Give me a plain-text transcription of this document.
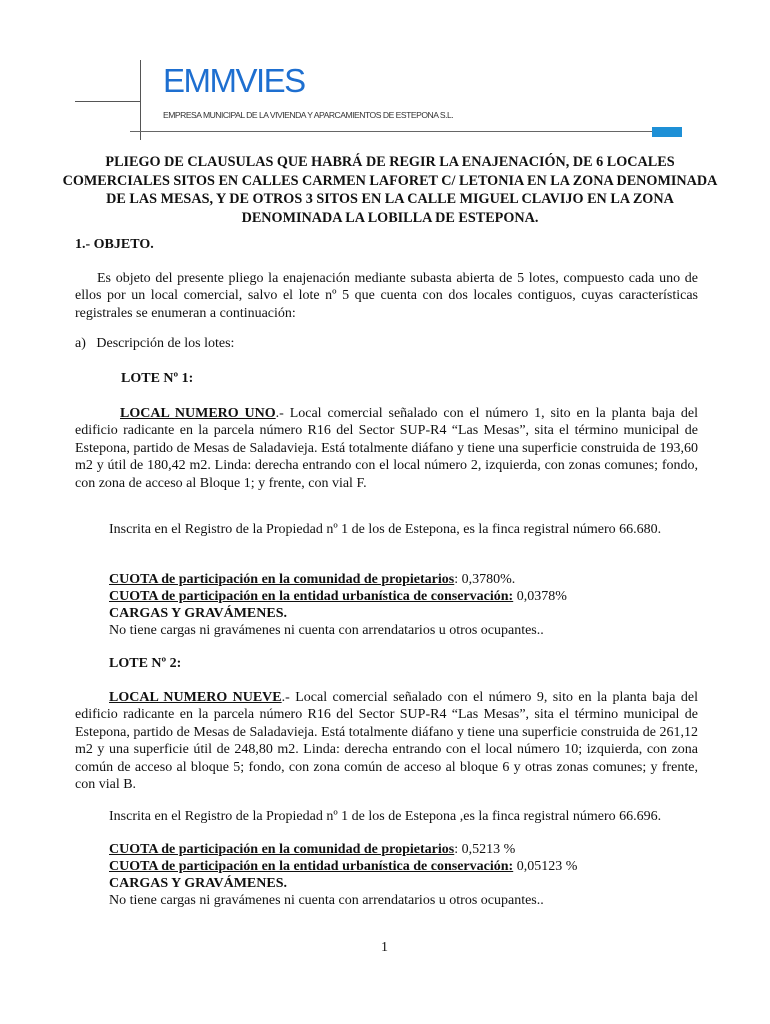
EMMVIES
EMPRESA MUNICIPAL DE LA VIVIENDA Y APARCAMIENTOS DE ESTEPONA S.L.
PLIEGO DE CLAUSULAS QUE HABRÁ DE REGIR LA ENAJENACIÓN, DE 6 LOCALES COMERCIALES SITOS EN CALLES CARMEN LAFORET C/ LETONIA EN LA ZONA DENOMINADA DE LAS MESAS, Y DE OTROS 3 SITOS EN LA CALLE MIGUEL CLAVIJO EN LA ZONA DENOMINADA LA LOBILLA DE ESTEPONA.
1.- OBJETO.
Es objeto del presente pliego la enajenación mediante subasta abierta de 5 lotes, compuesto cada uno de ellos por un local comercial, salvo el lote nº 5 que cuenta con dos locales contiguos, cuyas características registrales se enumeran a continuación:
a)   Descripción de los lotes:
LOTE Nº 1:
LOCAL NUMERO UNO.- Local comercial señalado con el número 1, sito en la planta baja del edificio radicante en la parcela número R16 del Sector SUP-R4 “Las Mesas”, sita el término municipal de Estepona, partido de Mesas de Saladavieja. Está totalmente diáfano y tiene una superficie construida de 193,60 m2 y útil de 180,42 m2. Linda: derecha entrando con el local número 2, izquierda, con zonas comunes; fondo, con zona de acceso al Bloque 1; y frente, con vial F.
Inscrita en el Registro de la Propiedad nº 1 de los de Estepona, es la finca registral número 66.680.
CUOTA de participación en la comunidad de propietarios: 0,3780%.
CUOTA de participación en la entidad urbanística de conservación: 0,0378%
CARGAS Y GRAVÁMENES.
No tiene cargas ni gravámenes ni cuenta con arrendatarios u otros ocupantes..
LOTE Nº 2:
LOCAL NUMERO NUEVE.- Local comercial señalado con el número 9, sito en la planta baja del edificio radicante en la parcela número R16 del Sector SUP-R4 “Las Mesas”, sita el término municipal de Estepona, partido de Mesas de Saladavieja. Está totalmente diáfano y tiene una superficie construida de 261,12 m2 y una superficie útil de 248,80 m2. Linda: derecha entrando con el local número 10; izquierda, con zona común de acceso al bloque 5; fondo, con zona común de acceso al bloque 6 y otras zonas comunes; y frente, con vial B.
Inscrita en el Registro de la Propiedad nº 1 de los de Estepona ,es la finca registral número 66.696.
CUOTA de participación en la comunidad de propietarios: 0,5213 %
CUOTA de participación en la entidad urbanística de conservación: 0,05123 %
CARGAS Y GRAVÁMENES.
No tiene cargas ni gravámenes ni cuenta con arrendatarios u otros ocupantes..
1
